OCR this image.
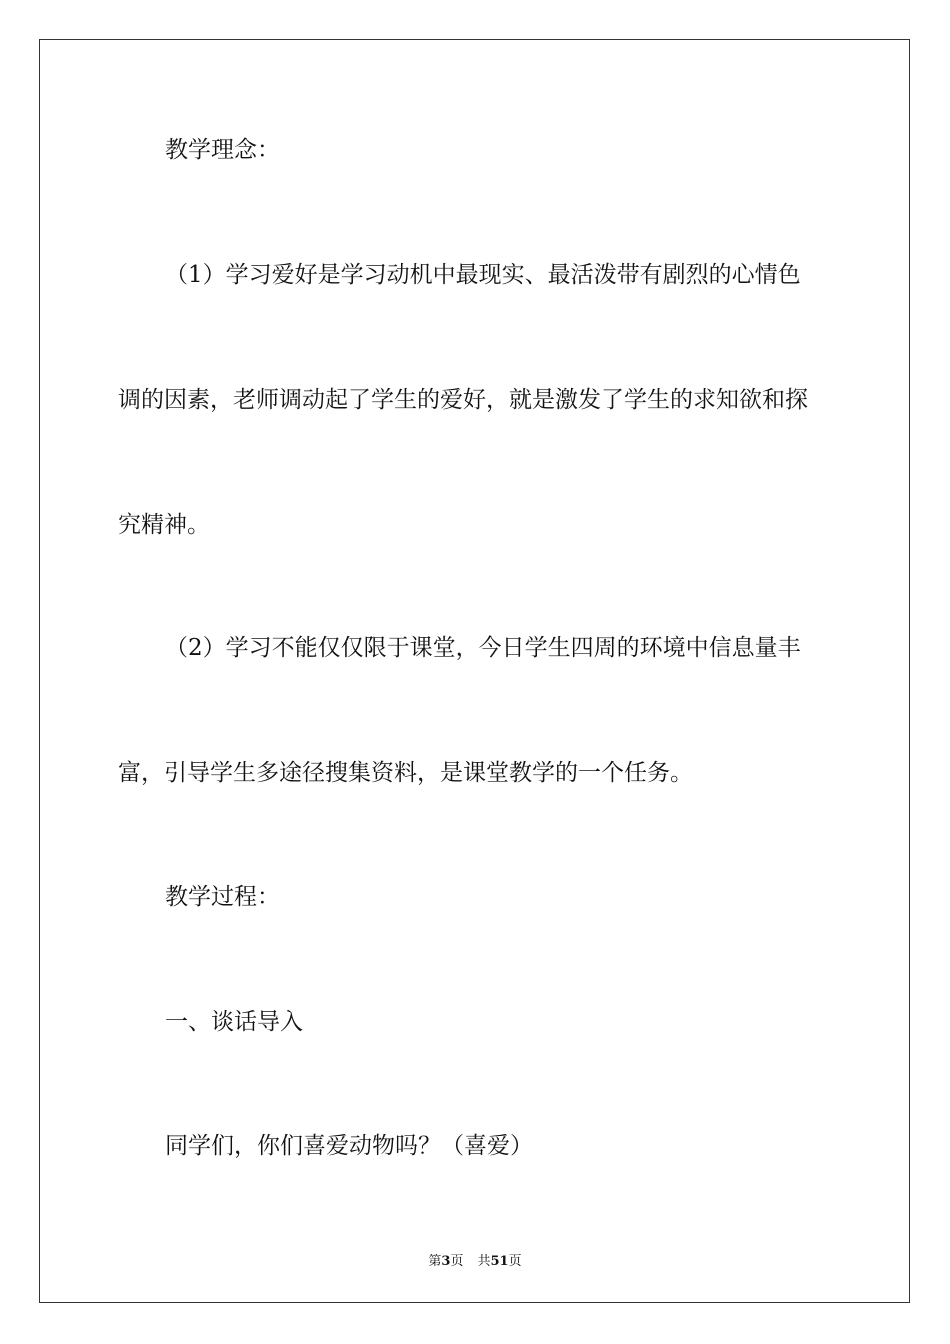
教学理念：
（1）学习爱好是学习动机中最现实、最活泼带有剧烈的心情色
调的因素，老师调动起了学生的爱好，就是激发了学生的求知欲和探
究精神。
（2）学习不能仅仅限于课堂，今日学生四周的环境中信息量丰
富，引导学生多途径搜集资料，是课堂教学的一个任务。
教学过程：
一、谈话导入
同学们，你们喜爱动物吗？（喜爱）
第3页 共51页
